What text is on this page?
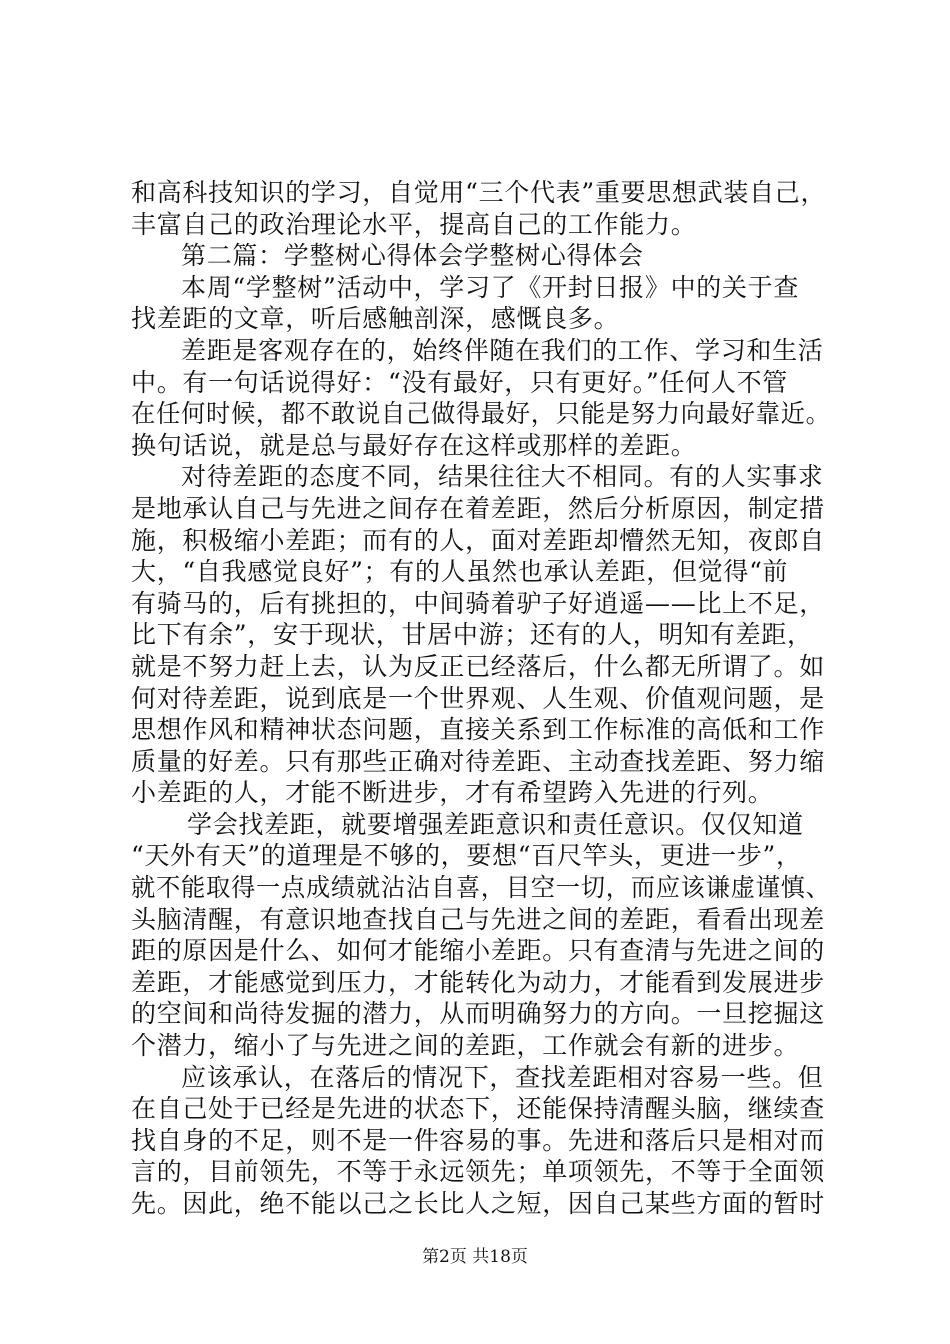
和高科技知识的学习，自觉用“三个代表”重要思想武装自己，
丰富自己的政治理论水平，提高自己的工作能力。
第二篇：学整树心得体会学整树心得体会
本周“学整树”活动中，学习了《开封日报》中的关于查
找差距的文章，听后感触剖深，感慨良多。
差距是客观存在的，始终伴随在我们的工作、学习和生活
中。有一句话说得好：“没有最好，只有更好。”任何人不管
在任何时候，都不敢说自己做得最好，只能是努力向最好靠近。
换句话说，就是总与最好存在这样或那样的差距。
对待差距的态度不同，结果往往大不相同。有的人实事求
是地承认自己与先进之间存在着差距，然后分析原因，制定措
施，积极缩小差距；而有的人，面对差距却懵然无知，夜郎自
大，“自我感觉良好”；有的人虽然也承认差距，但觉得“前
有骑马的，后有挑担的，中间骑着驴子好逍遥——比上不足，
比下有余”，安于现状，甘居中游；还有的人，明知有差距，
就是不努力赶上去，认为反正已经落后，什么都无所谓了。如
何对待差距，说到底是一个世界观、人生观、价值观问题，是
思想作风和精神状态问题，直接关系到工作标准的高低和工作
质量的好差。只有那些正确对待差距、主动查找差距、努力缩
小差距的人，才能不断进步，才有希望跨入先进的行列。
学会找差距，就要增强差距意识和责任意识。仅仅知道
“天外有天”的道理是不够的，要想“百尺竿头，更进一步”，
就不能取得一点成绩就沾沾自喜，目空一切，而应该谦虚谨慎、
头脑清醒，有意识地查找自己与先进之间的差距，看看出现差
距的原因是什么、如何才能缩小差距。只有查清与先进之间的
差距，才能感觉到压力，才能转化为动力，才能看到发展进步
的空间和尚待发掘的潜力，从而明确努力的方向。一旦挖掘这
个潜力，缩小了与先进之间的差距，工作就会有新的进步。
应该承认，在落后的情况下，查找差距相对容易一些。但
在自己处于已经是先进的状态下，还能保持清醒头脑，继续查
找自身的不足，则不是一件容易的事。先进和落后只是相对而
言的，目前领先，不等于永远领先；单项领先，不等于全面领
先。因此，绝不能以己之长比人之短，因自己某些方面的暂时
第2页 共18页
